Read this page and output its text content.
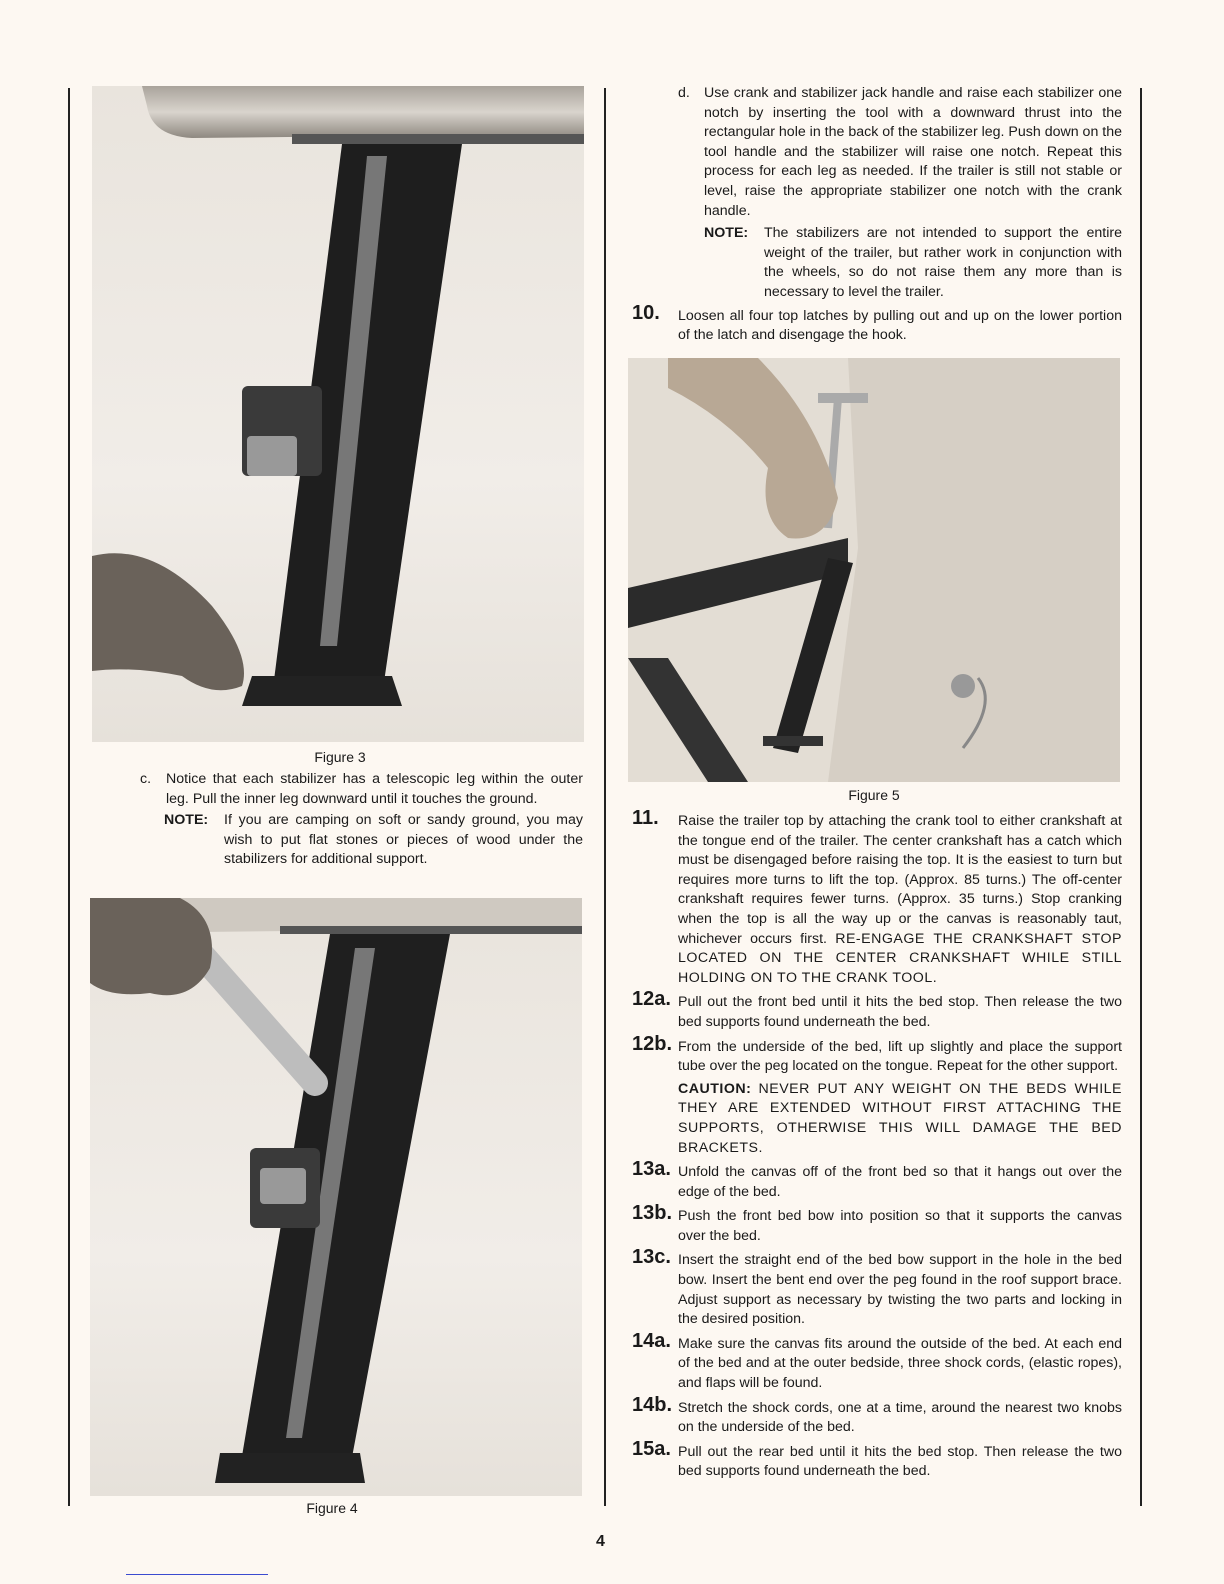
Figure 3
c. Notice that each stabilizer has a telescopic leg within the outer leg. Pull the inner leg downward until it touches the ground.
NOTE: If you are camping on soft or sandy ground, you may wish to put flat stones or pieces of wood under the stabilizers for additional support.
Figure 4
d. Use crank and stabilizer jack handle and raise each stabilizer one notch by inserting the tool with a downward thrust into the rectangular hole in the back of the stabilizer leg. Push down on the tool handle and the stabilizer will raise one notch. Repeat this process for each leg as needed. If the trailer is still not stable or level, raise the appropriate stabilizer one notch with the crank handle.
NOTE: The stabilizers are not intended to support the entire weight of the trailer, but rather work in conjunction with the wheels, so do not raise them any more than is necessary to level the trailer.
10. Loosen all four top latches by pulling out and up on the lower portion of the latch and disengage the hook.
Figure 5
11. Raise the trailer top by attaching the crank tool to either crankshaft at the tongue end of the trailer. The center crankshaft has a catch which must be disengaged before raising the top. It is the easiest to turn but requires more turns to lift the top. (Approx. 85 turns.) The off-center crankshaft requires fewer turns. (Approx. 35 turns.) Stop cranking when the top is all the way up or the canvas is reasonably taut, whichever occurs first. RE-ENGAGE THE CRANKSHAFT STOP LOCATED ON THE CENTER CRANKSHAFT WHILE STILL HOLDING ON TO THE CRANK TOOL.
12a. Pull out the front bed until it hits the bed stop. Then release the two bed supports found underneath the bed.
12b. From the underside of the bed, lift up slightly and place the support tube over the peg located on the tongue. Repeat for the other support.
CAUTION: NEVER PUT ANY WEIGHT ON THE BEDS WHILE THEY ARE EXTENDED WITHOUT FIRST ATTACHING THE SUPPORTS, OTHERWISE THIS WILL DAMAGE THE BED BRACKETS.
13a. Unfold the canvas off of the front bed so that it hangs out over the edge of the bed.
13b. Push the front bed bow into position so that it supports the canvas over the bed.
13c. Insert the straight end of the bed bow support in the hole in the bed bow. Insert the bent end over the peg found in the roof support brace. Adjust support as necessary by twisting the two parts and locking in the desired position.
14a. Make sure the canvas fits around the outside of the bed. At each end of the bed and at the outer bedside, three shock cords, (elastic ropes), and flaps will be found.
14b. Stretch the shock cords, one at a time, around the nearest two knobs on the underside of the bed.
15a. Pull out the rear bed until it hits the bed stop. Then release the two bed supports found underneath the bed.
4
